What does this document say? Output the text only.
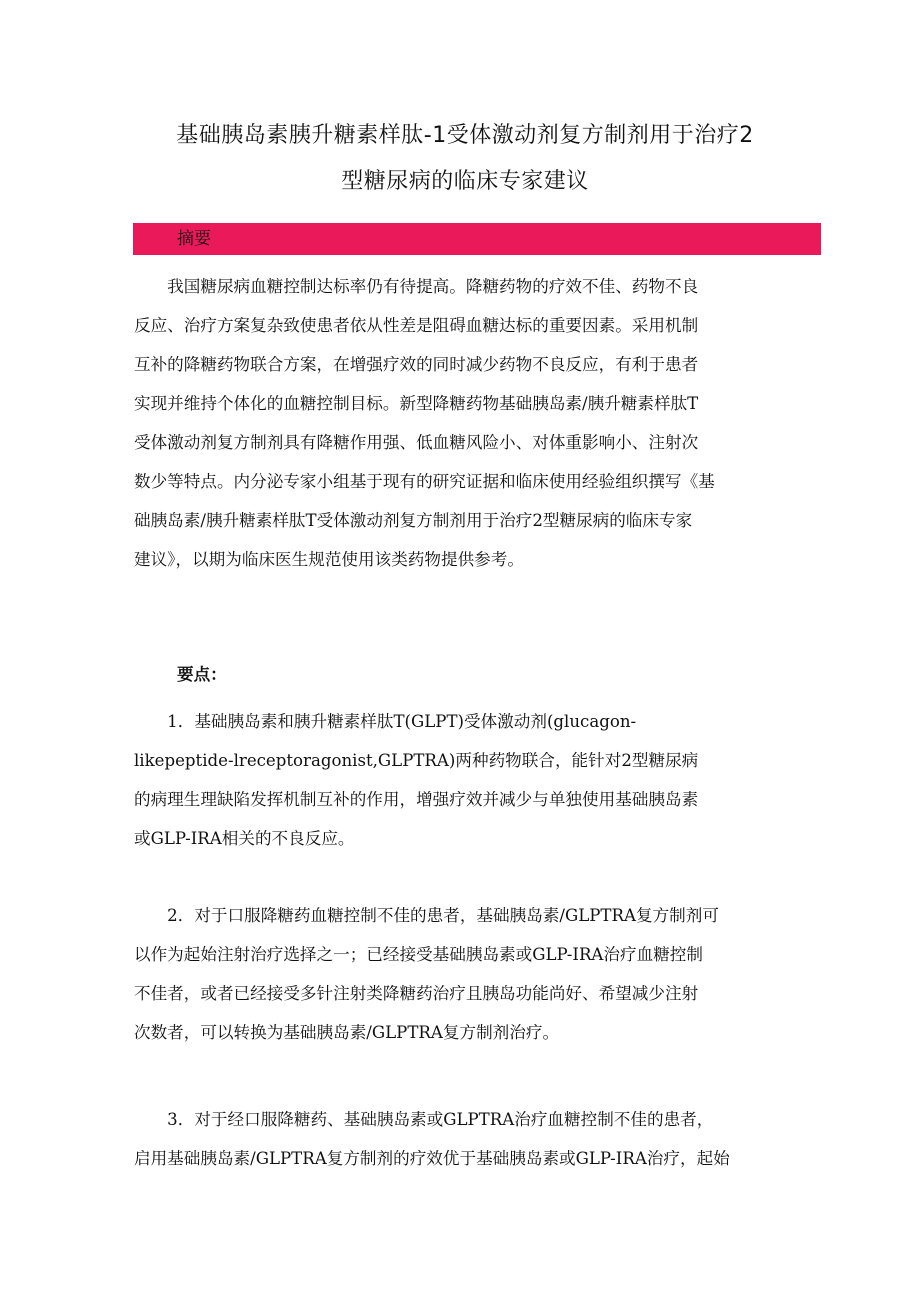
基础胰岛素胰升糖素样肽-1受体激动剂复方制剂用于治疗2
型糖尿病的临床专家建议
摘要
　　我国糖尿病血糖控制达标率仍有待提高。降糖药物的疗效不佳、药物不良
反应、治疗方案复杂致使患者依从性差是阻碍血糖达标的重要因素。采用机制
互补的降糖药物联合方案，在增强疗效的同时减少药物不良反应，有利于患者
实现并维持个体化的血糖控制目标。新型降糖药物基础胰岛素/胰升糖素样肽T
受体激动剂复方制剂具有降糖作用强、低血糖风险小、对体重影响小、注射次
数少等特点。内分泌专家小组基于现有的研究证据和临床使用经验组织撰写《基
础胰岛素/胰升糖素样肽T受体激动剂复方制剂用于治疗2型糖尿病的临床专家
建议》，以期为临床医生规范使用该类药物提供参考。
要点：
　　1．基础胰岛素和胰升糖素样肽T(GLPT)受体激动剂(glucagon-
likepeptide-lreceptoragonist,GLPTRA)两种药物联合，能针对2型糖尿病
的病理生理缺陷发挥机制互补的作用，增强疗效并减少与单独使用基础胰岛素
或GLP-IRA相关的不良反应。
　　2．对于口服降糖药血糖控制不佳的患者，基础胰岛素/GLPTRA复方制剂可
以作为起始注射治疗选择之一；已经接受基础胰岛素或GLP-IRA治疗血糖控制
不佳者，或者已经接受多针注射类降糖药治疗且胰岛功能尚好、希望减少注射
次数者，可以转换为基础胰岛素/GLPTRA复方制剂治疗。
　　3．对于经口服降糖药、基础胰岛素或GLPTRA治疗血糖控制不佳的患者，
启用基础胰岛素/GLPTRA复方制剂的疗效优于基础胰岛素或GLP-IRA治疗，起始
